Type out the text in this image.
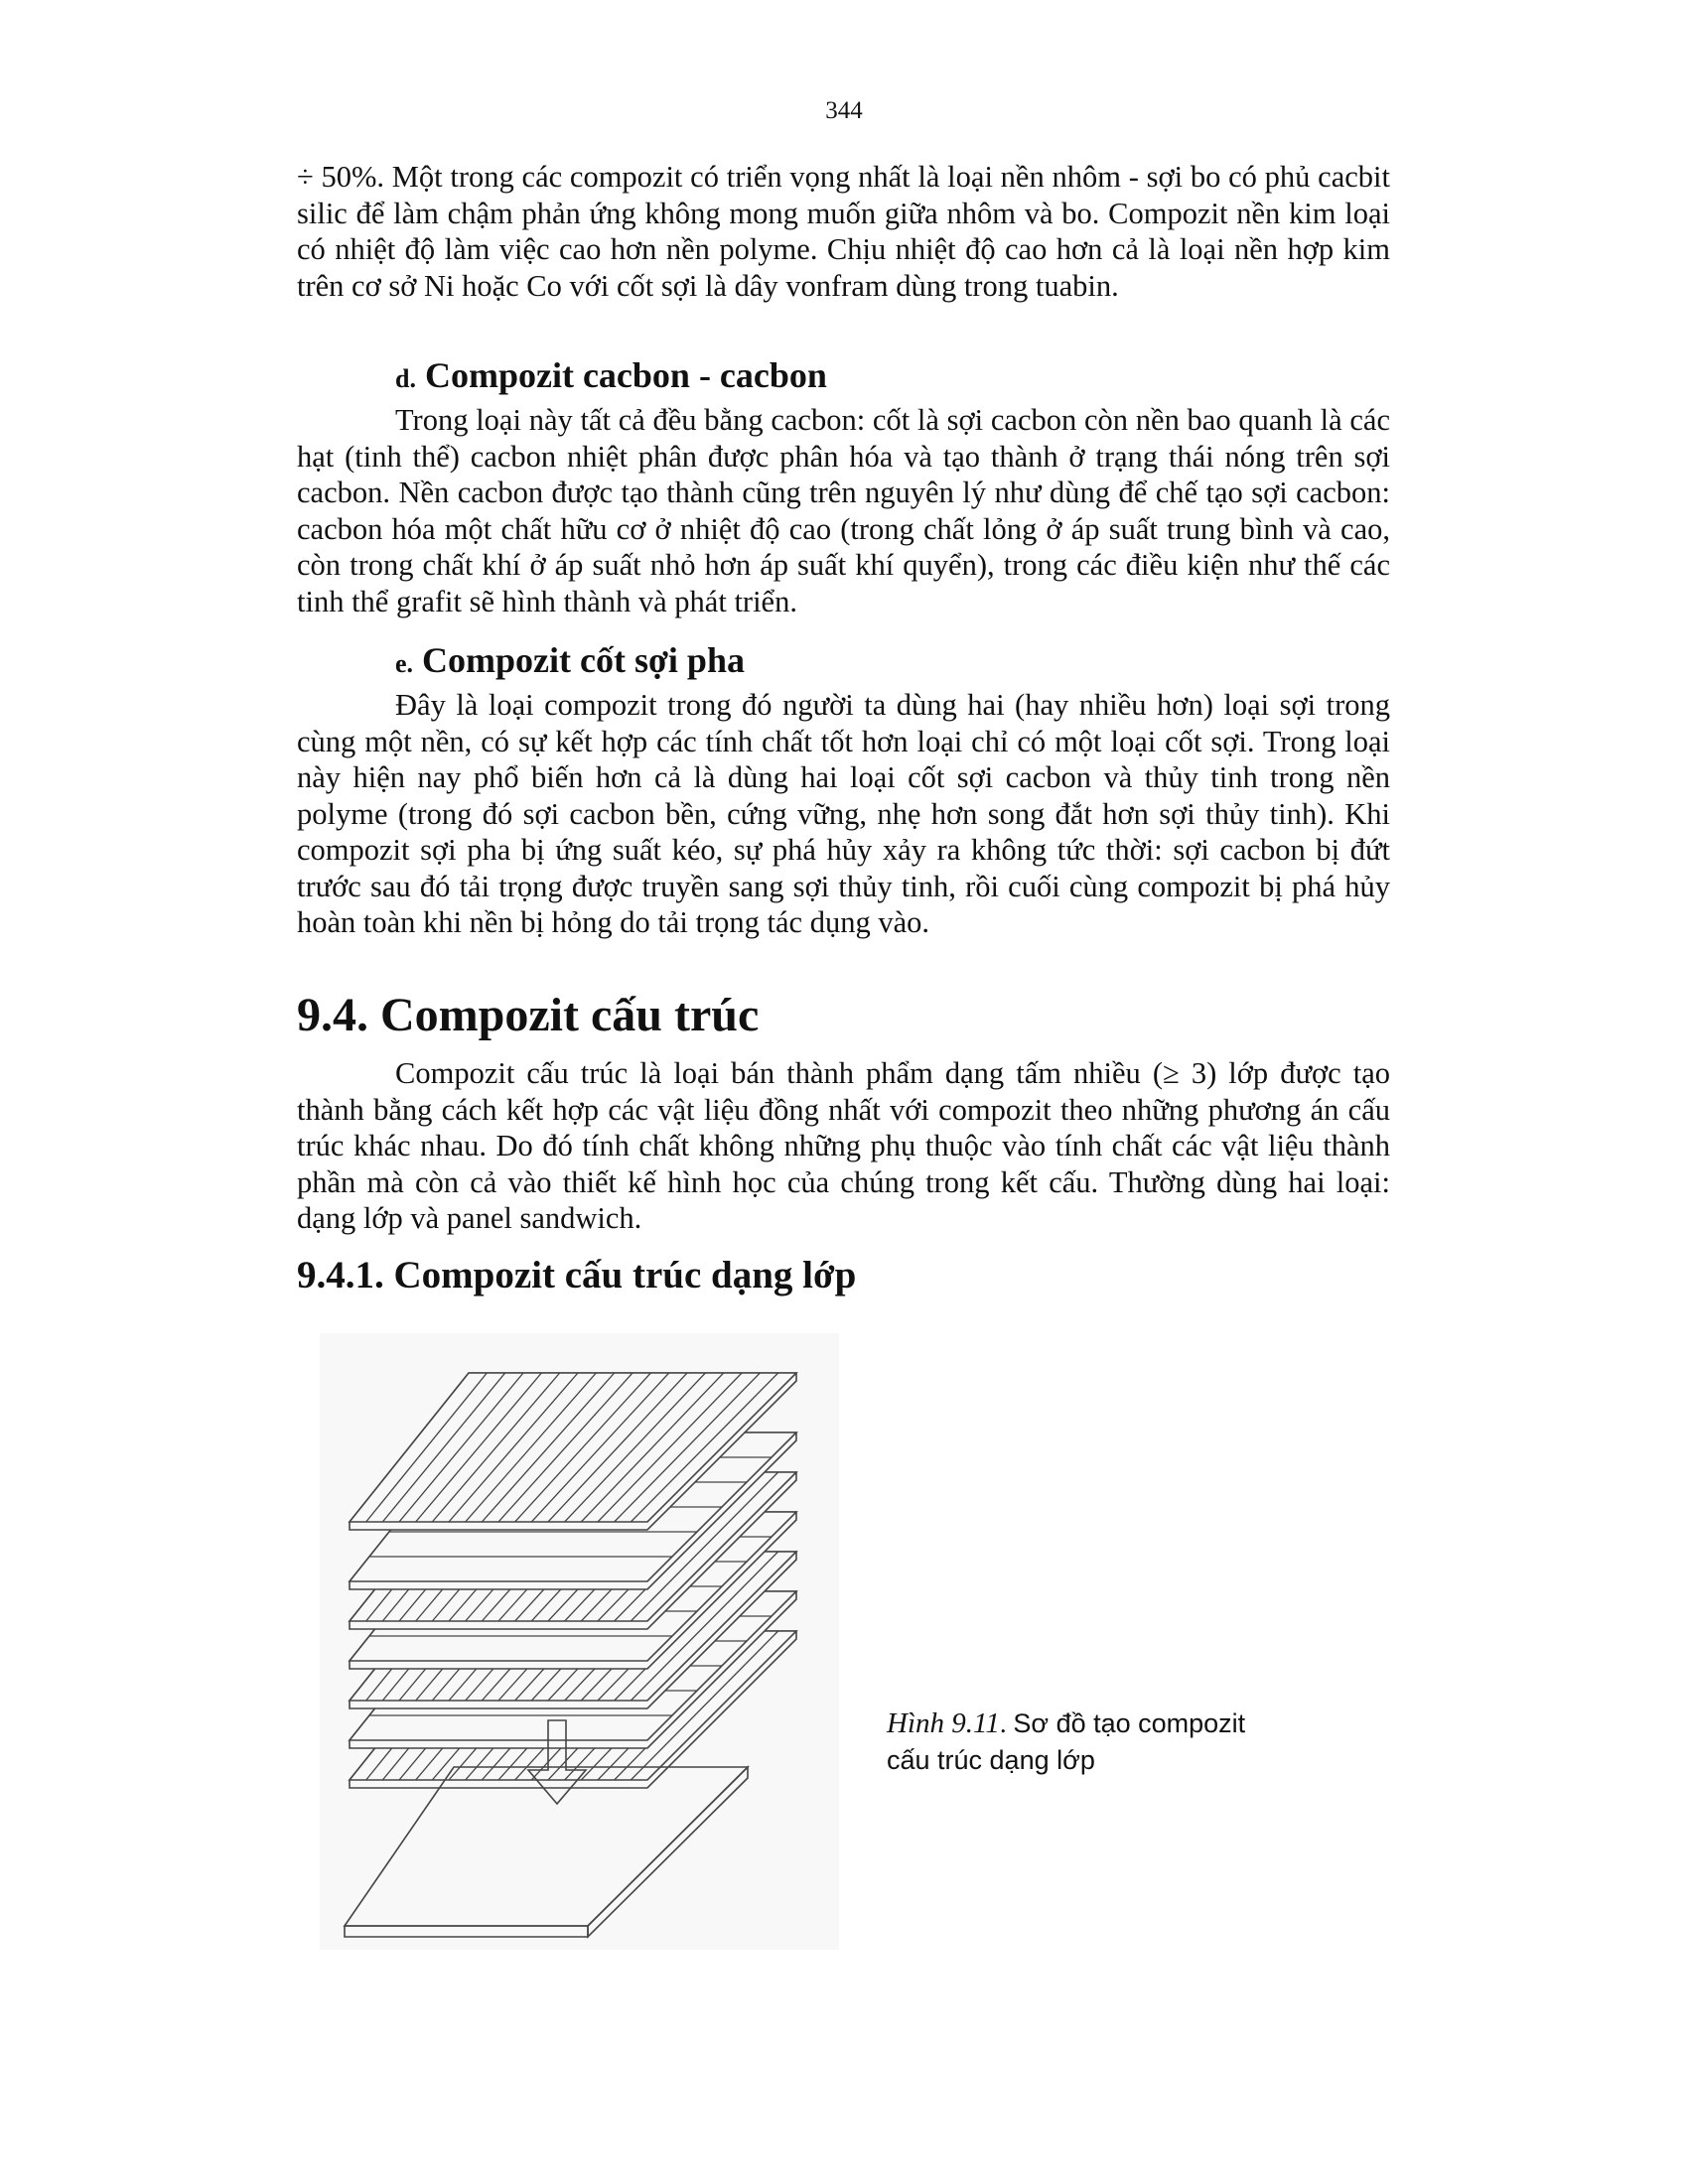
344

÷ 50%. Một trong các compozit có triển vọng nhất là loại nền nhôm - sợi bo có phủ cacbit silic để làm chậm phản ứng không mong muốn giữa nhôm và bo. Compozit nền kim loại có nhiệt độ làm việc cao hơn nền polyme. Chịu nhiệt độ cao hơn cả là loại nền hợp kim trên cơ sở Ni hoặc Co với cốt sợi là dây vonfram dùng trong tuabin.

d. Compozit cacbon - cacbon

Trong loại này tất cả đều bằng cacbon: cốt là sợi cacbon còn nền bao quanh là các hạt (tinh thể) cacbon nhiệt phân được phân hóa và tạo thành ở trạng thái nóng trên sợi cacbon. Nền cacbon được tạo thành cũng trên nguyên lý như dùng để chế tạo sợi cacbon: cacbon hóa một chất hữu cơ ở nhiệt độ cao (trong chất lỏng ở áp suất trung bình và cao, còn trong chất khí ở áp suất nhỏ hơn áp suất khí quyển), trong các điều kiện như thế các tinh thể grafit sẽ hình thành và phát triển.

e. Compozit cốt sợi pha

Đây là loại compozit trong đó người ta dùng hai (hay nhiều hơn) loại sợi trong cùng một nền, có sự kết hợp các tính chất tốt hơn loại chỉ có một loại cốt sợi. Trong loại này hiện nay phổ biến hơn cả là dùng hai loại cốt sợi cacbon và thủy tinh trong nền polyme (trong đó sợi cacbon bền, cứng vững, nhẹ hơn song đắt hơn sợi thủy tinh). Khi compozit sợi pha bị ứng suất kéo, sự phá hủy xảy ra không tức thời: sợi cacbon bị đứt trước sau đó tải trọng được truyền sang sợi thủy tinh, rồi cuối cùng compozit bị phá hủy hoàn toàn khi nền bị hỏng do tải trọng tác dụng vào.

9.4. Compozit cấu trúc

Compozit cấu trúc là loại bán thành phẩm dạng tấm nhiều (≥ 3) lớp được tạo thành bằng cách kết hợp các vật liệu đồng nhất với compozit theo những phương án cấu trúc khác nhau. Do đó tính chất không những phụ thuộc vào tính chất các vật liệu thành phần mà còn cả vào thiết kế hình học của chúng trong kết cấu. Thường dùng hai loại: dạng lớp và panel sandwich.

9.4.1. Compozit cấu trúc dạng lớp
Hình 9.11. Sơ đồ tạo compozit
cấu trúc dạng lớp
